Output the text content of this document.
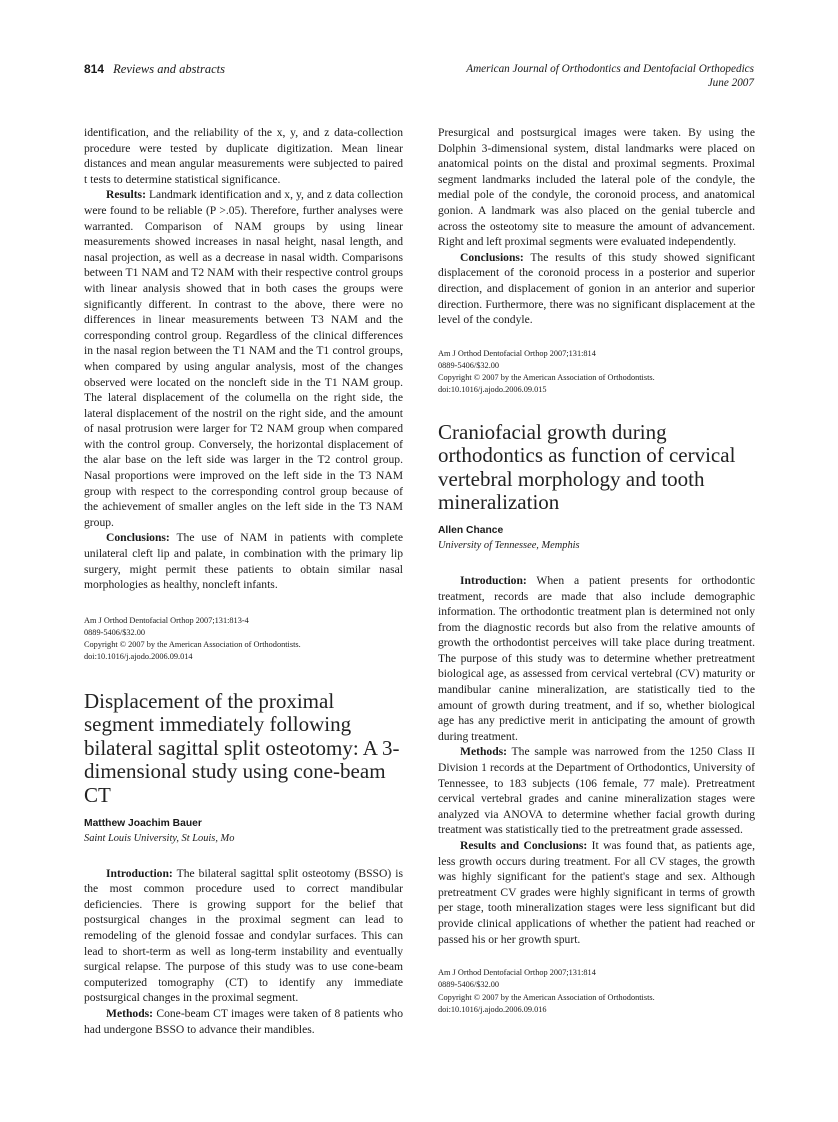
814 Reviews and abstracts	American Journal of Orthodontics and Dentofacial Orthopedics
June 2007

identification, and the reliability of the x, y, and z data-collection procedure were tested by duplicate digitization. Mean linear distances and mean angular measurements were subjected to paired t tests to determine statistical significance.

Results: Landmark identification and x, y, and z data collection were found to be reliable (P >.05). Therefore, further analyses were warranted. Comparison of NAM groups by using linear measurements showed increases in nasal height, nasal length, and nasal projection, as well as a decrease in nasal width. Comparisons between T1 NAM and T2 NAM with their respective control groups with linear analysis showed that in both cases the groups were significantly different. In contrast to the above, there were no differences in linear measurements between T3 NAM and the corresponding control group. Regardless of the clinical differences in the nasal region between the T1 NAM and the T1 control groups, when compared by using angular analysis, most of the changes observed were located on the noncleft side in the T1 NAM group. The lateral displacement of the columella on the right side, the lateral displacement of the nostril on the right side, and the amount of nasal protrusion were larger for T2 NAM group when compared with the control group. Conversely, the horizontal displacement of the alar base on the left side was larger in the T2 control group. Nasal proportions were improved on the left side in the T3 NAM group with respect to the corresponding control group because of the achievement of smaller angles on the left side in the T3 NAM group.

Conclusions: The use of NAM in patients with complete unilateral cleft lip and palate, in combination with the primary lip surgery, might permit these patients to obtain similar nasal morphologies as healthy, noncleft infants.

Am J Orthod Dentofacial Orthop 2007;131:813-4

0889-5406/$32.00

Copyright © 2007 by the American Association of Orthodontists.

doi:10.1016/j.ajodo.2006.09.014

Displacement of the proximal segment immediately following bilateral sagittal split osteotomy: A 3-dimensional study using cone-beam CT

Matthew Joachim Bauer

Saint Louis University, St Louis, Mo

Introduction: The bilateral sagittal split osteotomy (BSSO) is the most common procedure used to correct mandibular deficiencies. There is growing support for the belief that postsurgical changes in the proximal segment can lead to remodeling of the glenoid fossae and condylar surfaces. This can lead to short-term as well as long-term instability and eventually surgical relapse. The purpose of this study was to use cone-beam computerized tomography (CT) to identify any immediate postsurgical changes in the proximal segment.

Methods: Cone-beam CT images were taken of 8 patients who had undergone BSSO to advance their mandibles.

Presurgical and postsurgical images were taken. By using the Dolphin 3-dimensional system, distal landmarks were placed on anatomical points on the distal and proximal segments. Proximal segment landmarks included the lateral pole of the condyle, the medial pole of the condyle, the coronoid process, and anatomical gonion. A landmark was also placed on the genial tubercle and across the osteotomy site to measure the amount of advancement. Right and left proximal segments were evaluated independently.

Conclusions: The results of this study showed significant displacement of the coronoid process in a posterior and superior direction, and displacement of gonion in an anterior and superior direction. Furthermore, there was no significant displacement at the level of the condyle.

Am J Orthod Dentofacial Orthop 2007;131:814

0889-5406/$32.00

Copyright © 2007 by the American Association of Orthodontists.

doi:10.1016/j.ajodo.2006.09.015

Craniofacial growth during orthodontics as function of cervical vertebral morphology and tooth mineralization

Allen Chance

University of Tennessee, Memphis

Introduction: When a patient presents for orthodontic treatment, records are made that also include demographic information. The orthodontic treatment plan is determined not only from the diagnostic records but also from the relative amounts of growth the orthodontist perceives will take place during treatment. The purpose of this study was to determine whether pretreatment biological age, as assessed from cervical vertebral (CV) maturity or mandibular canine mineralization, are statistically tied to the amount of growth during treatment, and if so, whether biological age has any predictive merit in anticipating the amount of growth during treatment.

Methods: The sample was narrowed from the 1250 Class II Division 1 records at the Department of Orthodontics, University of Tennessee, to 183 subjects (106 female, 77 male). Pretreatment cervical vertebral grades and canine mineralization stages were analyzed via ANOVA to determine whether facial growth during treatment was statistically tied to the pretreatment grade assessed.

Results and Conclusions: It was found that, as patients age, less growth occurs during treatment. For all CV stages, the growth was highly significant for the patient's stage and sex. Although pretreatment CV grades were highly significant in terms of growth per stage, tooth mineralization stages were less significant but did provide clinical applications of whether the patient had reached or passed his or her growth spurt.

Am J Orthod Dentofacial Orthop 2007;131:814

0889-5406/$32.00

Copyright © 2007 by the American Association of Orthodontists.

doi:10.1016/j.ajodo.2006.09.016
